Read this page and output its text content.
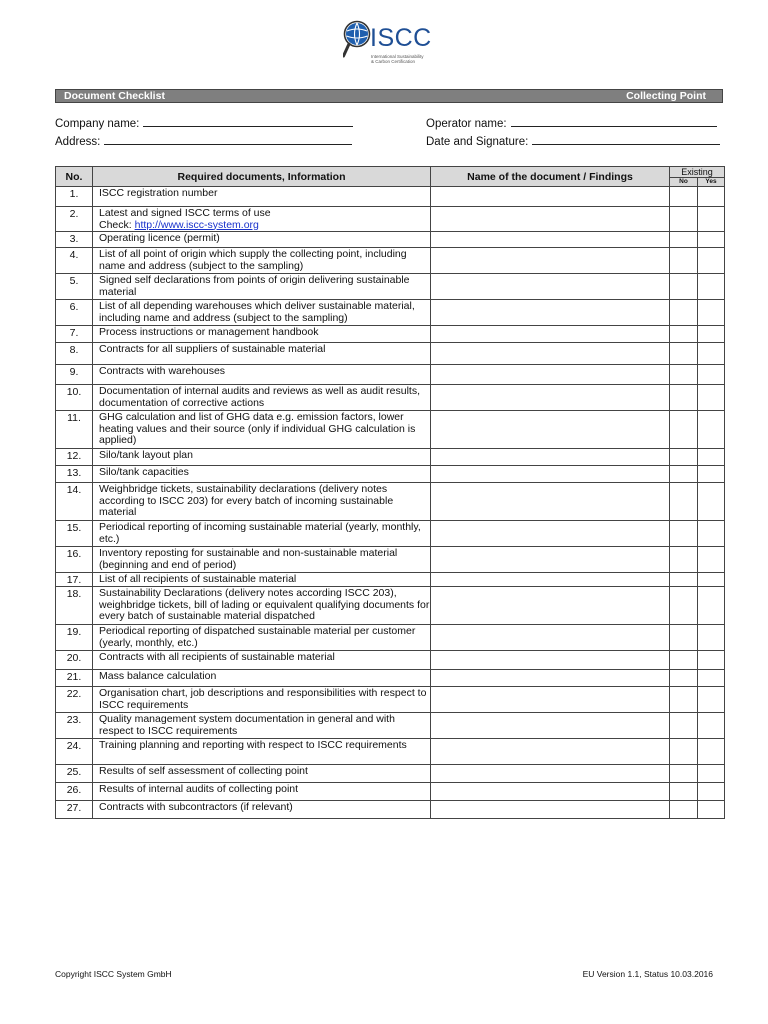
ISCC
International Sustainability
& Carbon Certification
Document Checklist	Collecting Point
Company name:	Operator name:
Address:	Date and Signature:
No.	Required documents, Information	Name of the document / Findings	Existing	
			No	Yes
1.	ISCC registration number			
2.	Latest and signed ISCC terms of use
Check: http://www.iscc-system.org			

3.	Operating licence (permit)			
4.	List of all point of origin which supply the collecting point, including name and address (subject to the sampling)			
5.	Signed self declarations from points of origin delivering sustainable material			
6.	List of all depending warehouses which deliver sustainable material, including name and address (subject to the sampling)			
7.	Process instructions or management handbook			
8.	Contracts for all suppliers of sustainable material			
9.	Contracts with warehouses			
10.	Documentation of internal audits and reviews as well as audit results, documentation of corrective actions			
11.	GHG calculation and list of GHG data e.g. emission factors, lower heating values and their source (only if individual GHG calculation is applied)			
12.	Silo/tank layout plan			
13.	Silo/tank capacities			
14.	Weighbridge tickets, sustainability declarations (delivery notes according to ISCC 203) for every batch of incoming sustainable material			
15.	Periodical reporting of incoming sustainable material (yearly, monthly, etc.)			
16.	Inventory reposting for sustainable and non-sustainable material (beginning and end of period)			
17.	List of all recipients of sustainable material			
18.	Sustainability Declarations (delivery notes according ISCC 203), weighbridge tickets, bill of lading or equivalent qualifying documents for every batch of sustainable material dispatched			
19.	Periodical reporting of dispatched sustainable material per customer (yearly, monthly, etc.)			
20.	Contracts with all recipients of sustainable material			
21.	Mass balance calculation			
22.	Organisation chart, job descriptions and responsibilities with respect to ISCC requirements			
23.	Quality management system documentation in general and with respect to ISCC requirements			
24.	Training planning and reporting with respect to ISCC requirements			
25.	Results of self assessment of collecting point			
26.	Results of internal audits of collecting point			
27.	Contracts with subcontractors (if relevant)			
Copyright ISCC System GmbH	EU Version 1.1, Status 10.03.2016
